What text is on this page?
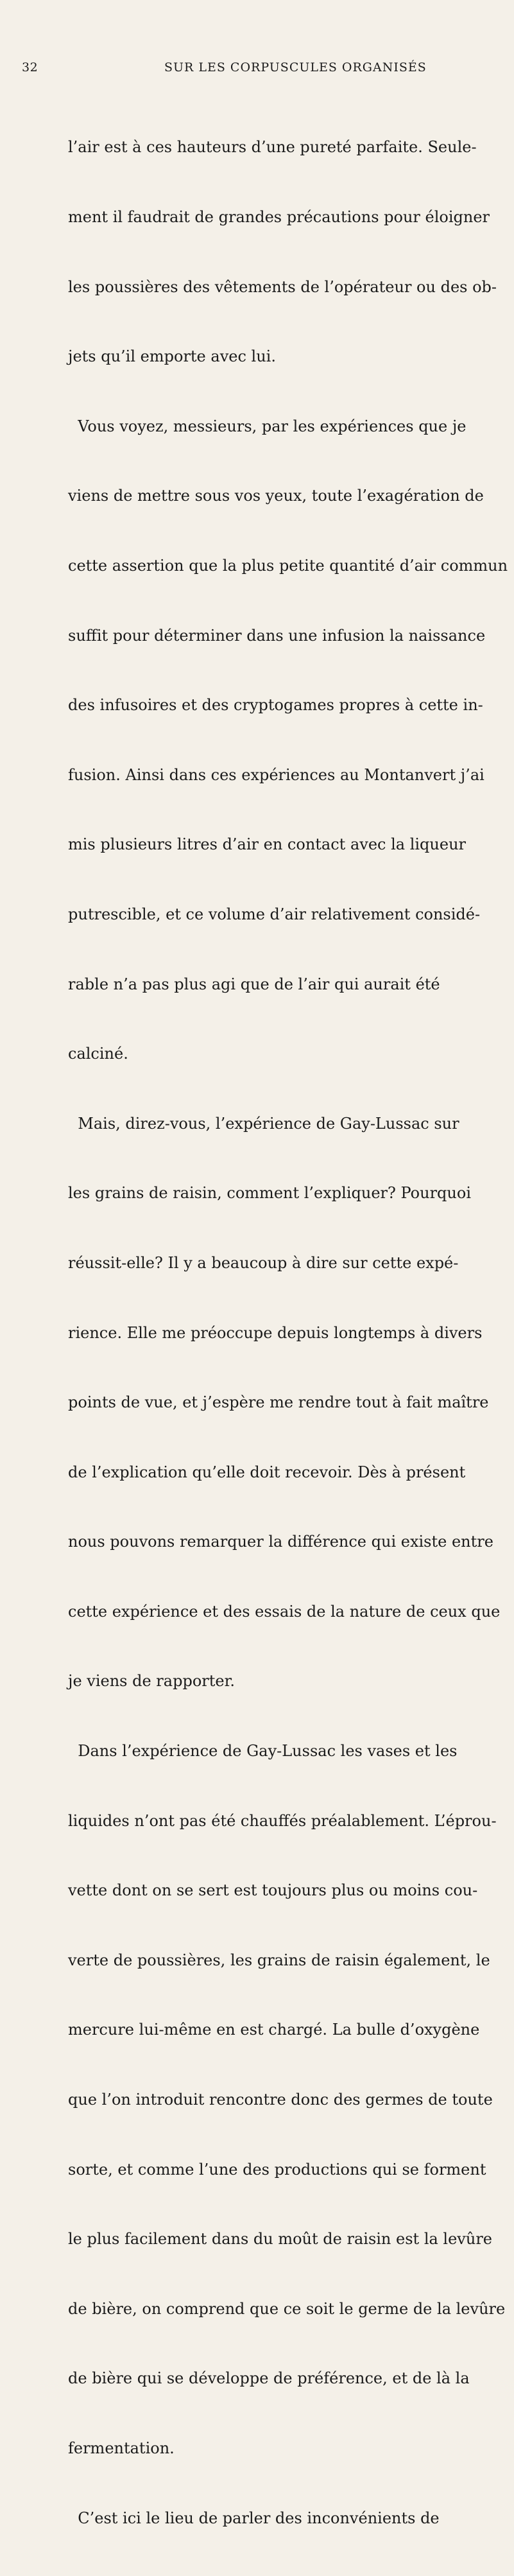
32	SUR LES CORPUSCULES ORGANISÉS

l’air est à ces hauteurs d’une pureté parfaite. Seule-

ment il faudrait de grandes précautions pour éloigner

les poussières des vêtements de l’opérateur ou des ob-

jets qu’il emporte avec lui.

Vous voyez, messieurs, par les expériences que je

viens de mettre sous vos yeux, toute l’exagération de

cette assertion que la plus petite quantité d’air commun

suffit pour déterminer dans une infusion la naissance

des infusoires et des cryptogames propres à cette in-

fusion. Ainsi dans ces expériences au Montanvert j’ai

mis plusieurs litres d’air en contact avec la liqueur

putrescible, et ce volume d’air relativement considé-

rable n’a pas plus agi que de l’air qui aurait été

calciné.

Mais, direz-vous, l’expérience de Gay-Lussac sur

les grains de raisin, comment l’expliquer? Pourquoi

réussit-elle? Il y a beaucoup à dire sur cette expé-

rience. Elle me préoccupe depuis longtemps à divers

points de vue, et j’espère me rendre tout à fait maître

de l’explication qu’elle doit recevoir. Dès à présent

nous pouvons remarquer la différence qui existe entre

cette expérience et des essais de la nature de ceux que

je viens de rapporter.

Dans l’expérience de Gay-Lussac les vases et les

liquides n’ont pas été chauffés préalablement. L’éprou-

vette dont on se sert est toujours plus ou moins cou-

verte de poussières, les grains de raisin également, le

mercure lui-même en est chargé. La bulle d’oxygène

que l’on introduit rencontre donc des germes de toute

sorte, et comme l’une des productions qui se forment

le plus facilement dans du moût de raisin est la levûre

de bière, on comprend que ce soit le germe de la levûre

de bière qui se développe de préférence, et de là la

fermentation.

C’est ici le lieu de parler des inconvénients de
